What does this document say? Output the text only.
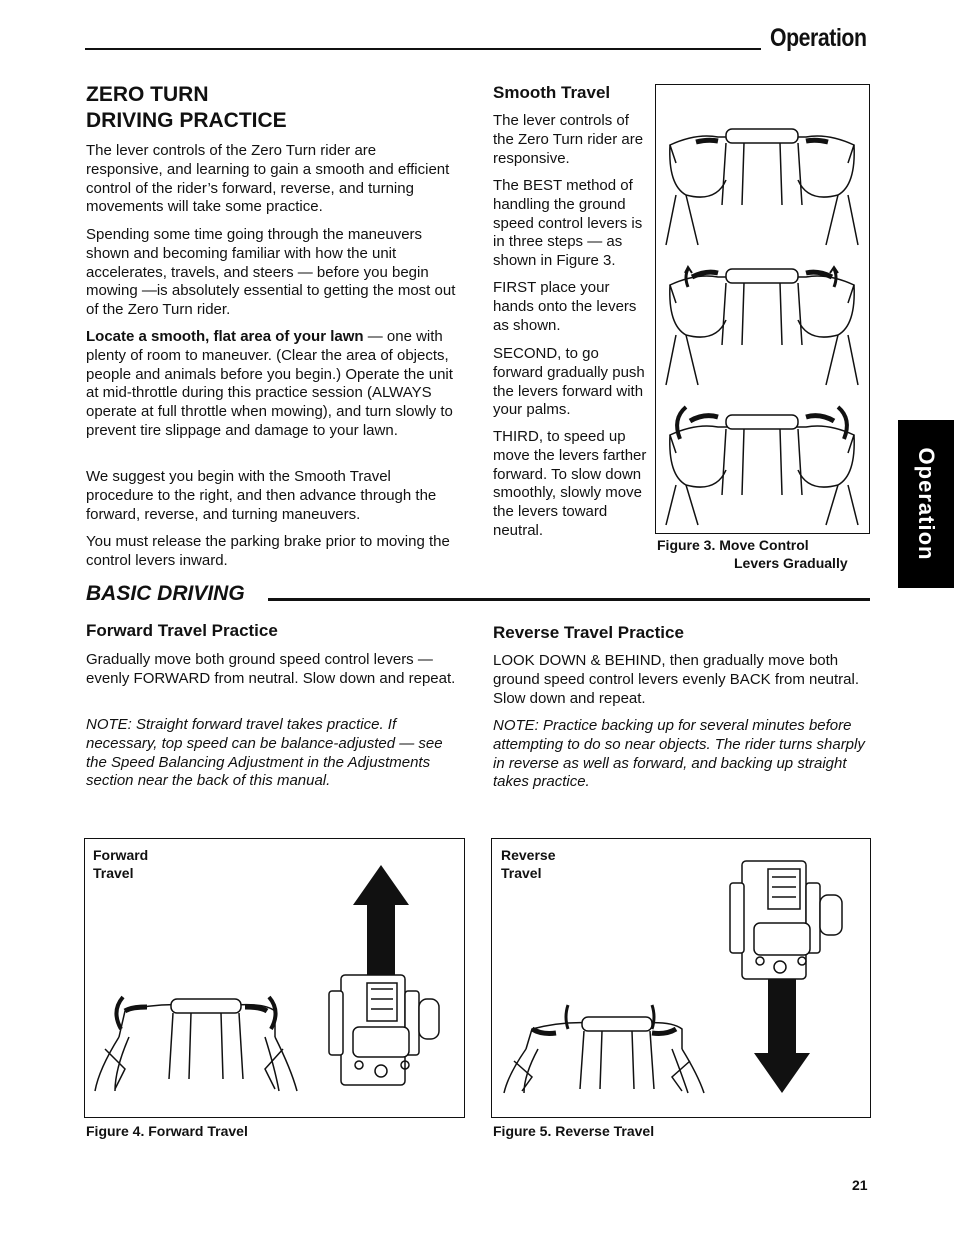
Operation
Operation
ZERO TURN
DRIVING PRACTICE

The lever controls of the Zero Turn rider are responsive, and learning to gain a smooth and efficient control of the rider’s forward, reverse, and turning movements will take some practice.

Spending some time going through the maneuvers shown and becoming familiar with how the unit accelerates, travels, and steers — before you begin mowing —is absolutely essential to getting the most out of the Zero Turn rider.

Locate a smooth, flat area of your lawn — one with plenty of room to maneuver. (Clear the area of objects, people and animals before you begin.) Operate the unit at mid-throttle during this practice session (ALWAYS operate at full throttle when mowing), and turn slowly to prevent tire slippage and damage to your lawn.

We suggest you begin with the Smooth Travel procedure to the right, and then advance through the forward, reverse, and turning maneuvers.

You must release the parking brake prior to moving the control levers inward.

Smooth Travel

The lever controls of the Zero Turn rider are responsive.

The BEST method of handling the ground speed control levers is in three steps — as shown in Figure 3.

FIRST place your hands onto the levers as shown.

SECOND, to go forward gradually push the levers forward with your palms.

THIRD, to speed up move the levers farther forward. To slow down smoothly, slowly move the levers toward neutral.

Figure 3. Move Control
Levers Gradually
BASIC DRIVING
Forward Travel Practice

Gradually move both ground speed control levers — evenly FORWARD from neutral. Slow down and repeat.

NOTE: Straight forward travel takes practice. If necessary, top speed can be balance-adjusted — see the Speed Balancing Adjustment in the Adjustments section near the back of this manual.

Reverse Travel Practice

LOOK DOWN & BEHIND, then gradually move both ground speed control levers evenly BACK from neutral. Slow down and repeat.

NOTE: Practice backing up for several minutes before attempting to do so near objects. The rider turns sharply in reverse as well as forward, and backing up straight takes practice.

Forward
Travel
Figure 4. Forward Travel
Reverse
Travel
Figure 5. Reverse Travel
21
